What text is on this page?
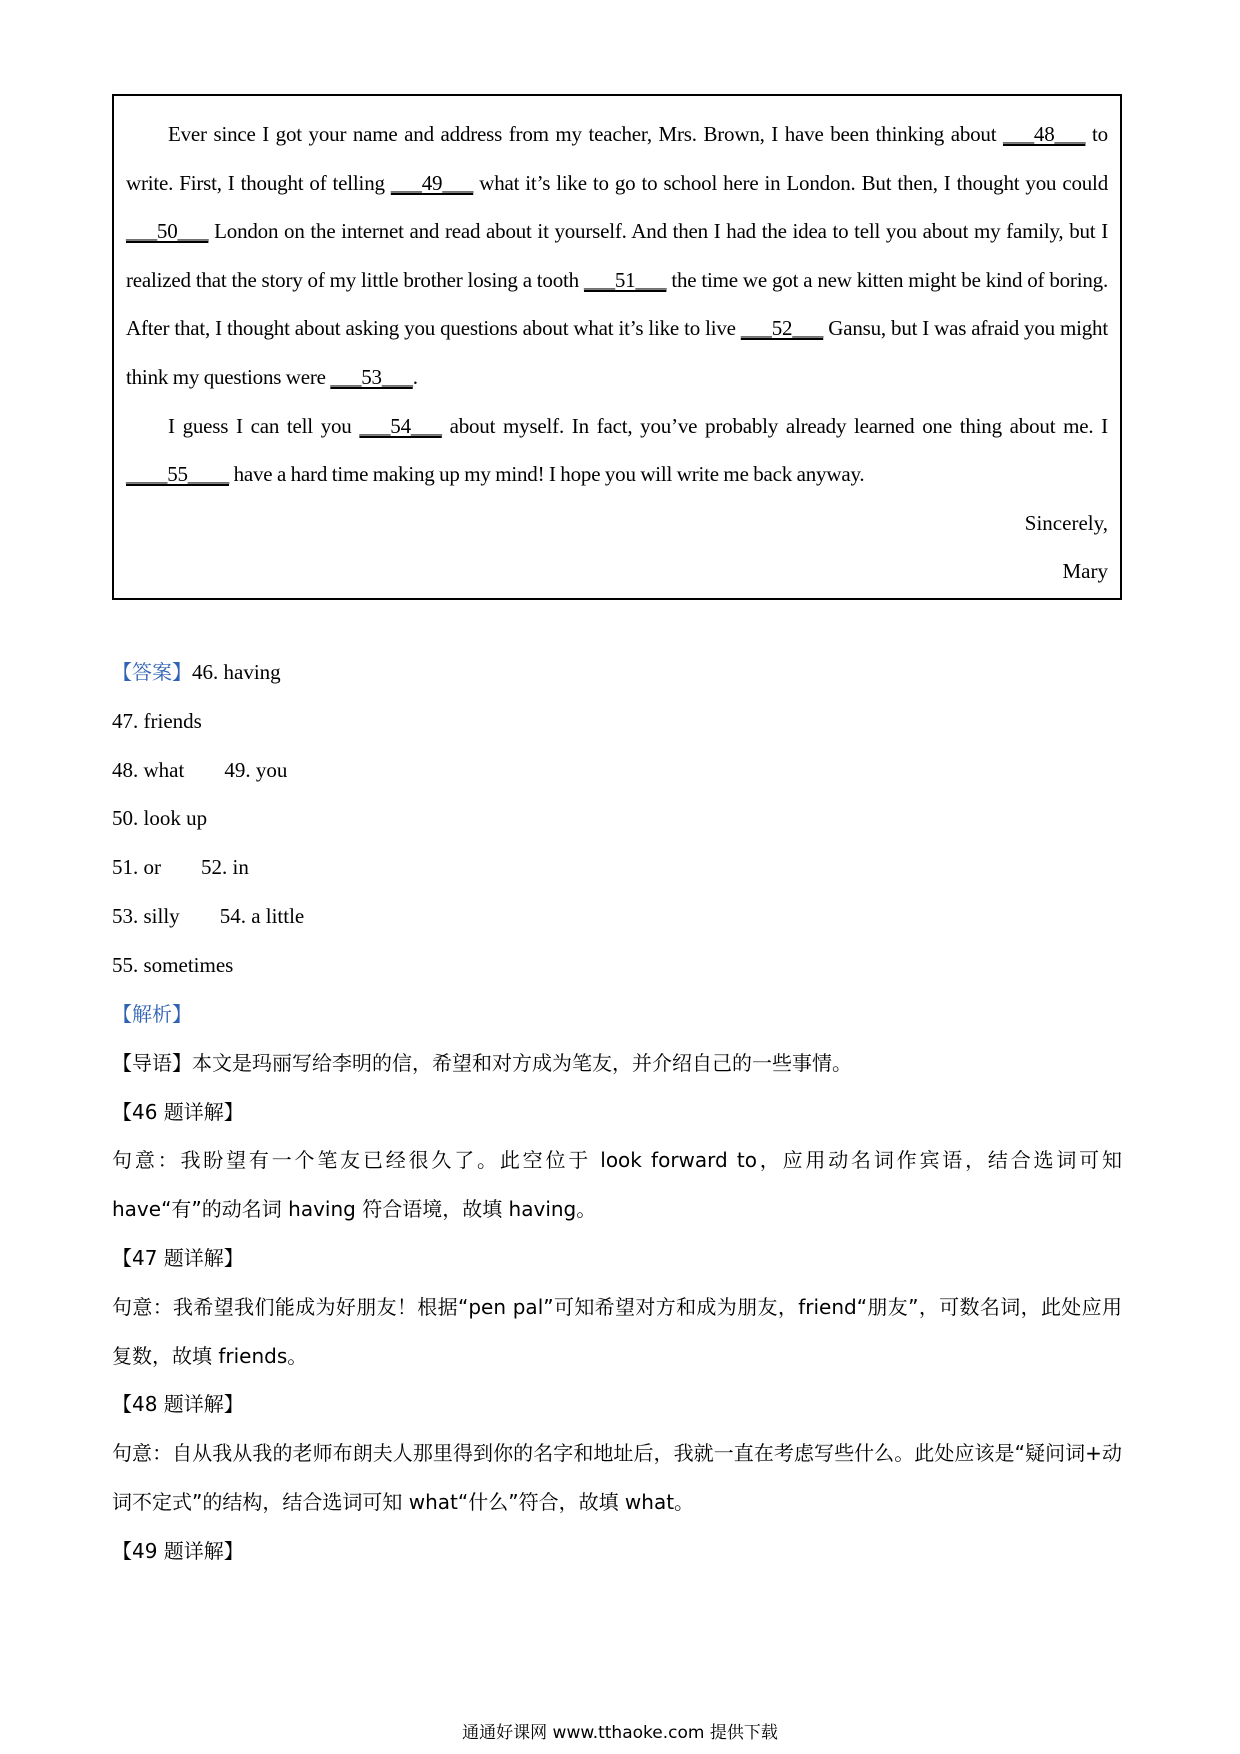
Ever since I got your name and address from my teacher, Mrs. Brown, I have been thinking about ___48___ to write. First, I thought of telling ___49___ what it’s like to go to school here in London. But then, I thought you could ___50___ London on the internet and read about it yourself. And then I had the idea to tell you about my family, but I realized that the story of my little brother losing a tooth ___51___ the time we got a new kitten might be kind of boring. After that, I thought about asking you questions about what it’s like to live ___52___ Gansu, but I was afraid you might think my questions were ___53___.

I guess I can tell you ___54___ about myself. In fact, you’ve probably already learned one thing about me. I ____55____ have a hard time making up my mind! I hope you will write me back anyway.

Sincerely,
Mary
【答案】46. having
47. friends
48. what 49. you
50. look up
51. or 52. in
53. silly 54. a little
55. sometimes
【解析】
【导语】本文是玛丽写给李明的信，希望和对方成为笔友，并介绍自己的一些事情。
【46 题详解】
句意：我盼望有一个笔友已经很久了。此空位于 look forward to，应用动名词作宾语，结合选词可知 have“有”的动名词 having 符合语境，故填 having。
【47 题详解】
句意：我希望我们能成为好朋友！根据“pen pal”可知希望对方和成为朋友，friend“朋友”，可数名词，此处应用复数，故填 friends。
【48 题详解】
句意：自从我从我的老师布朗夫人那里得到你的名字和地址后，我就一直在考虑写些什么。此处应该是“疑问词+动词不定式”的结构，结合选词可知 what“什么”符合，故填 what。
【49 题详解】
通通好课网 www.tthaoke.com 提供下载
